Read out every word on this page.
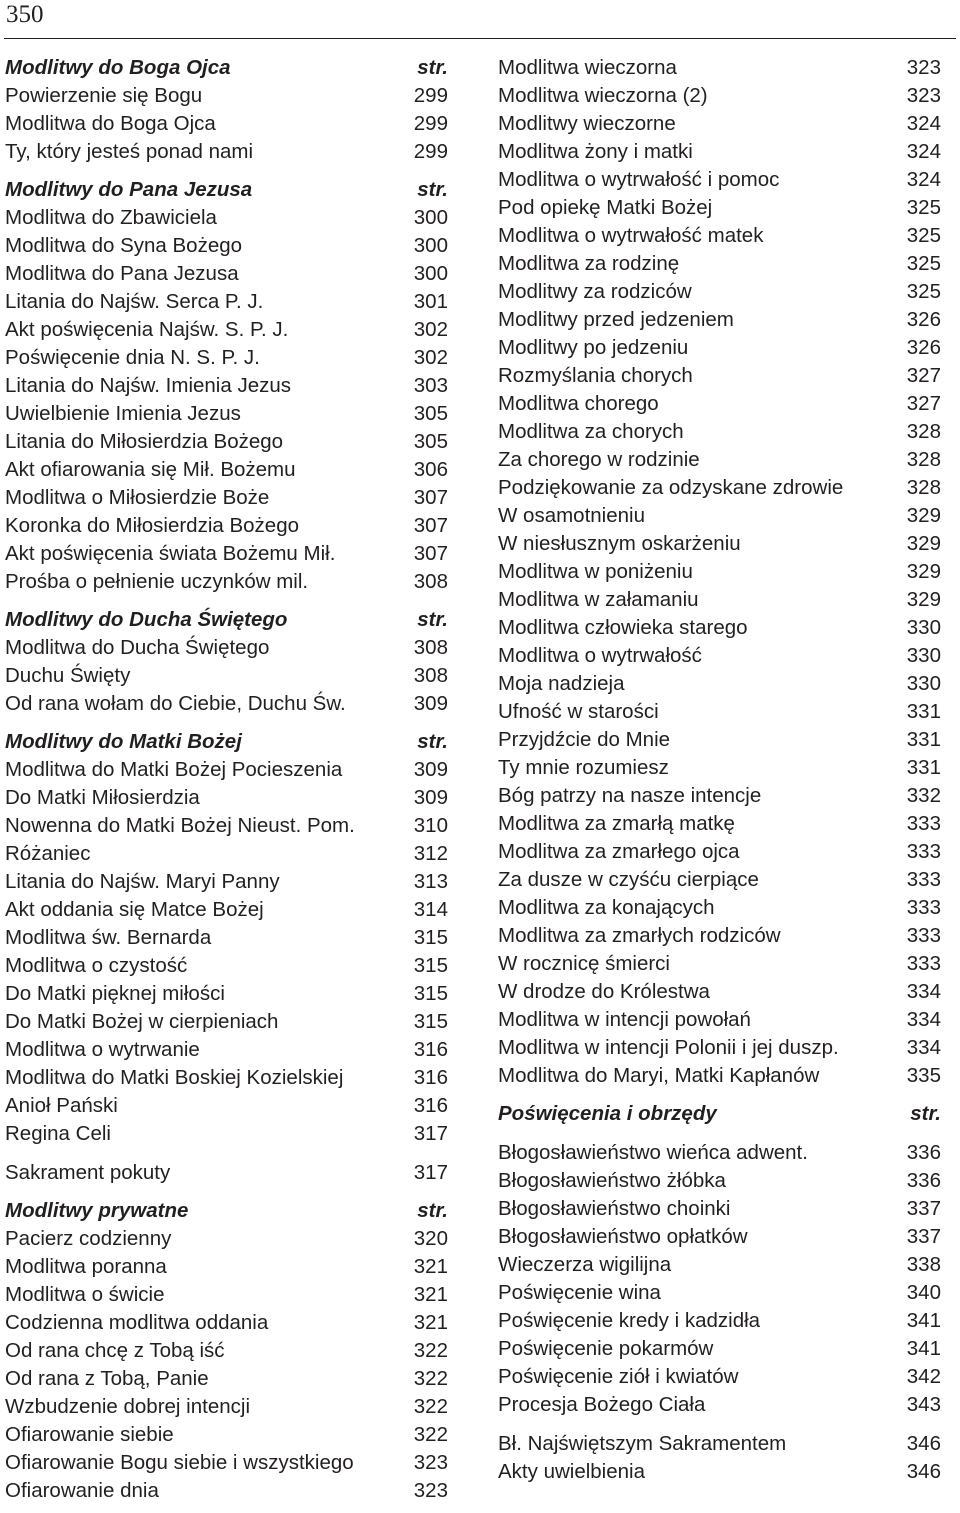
350
Modlitwy do Boga Ojca	str.
Powierzenie się Bogu	299
Modlitwa do Boga Ojca	299
Ty, który jesteś ponad nami	299
Modlitwy do Pana Jezusa	str.
Modlitwa do Zbawiciela	300
Modlitwa do Syna Bożego	300
Modlitwa do Pana Jezusa	300
Litania do Najśw. Serca P. J.	301
Akt poświęcenia Najśw. S. P. J.	302
Poświęcenie dnia N. S. P. J.	302
Litania do Najśw. Imienia Jezus	303
Uwielbienie Imienia Jezus	305
Litania do Miłosierdzia Bożego	305
Akt ofiarowania się Mił. Bożemu	306
Modlitwa o Miłosierdzie Boże	307
Koronka do Miłosierdzia Bożego	307
Akt poświęcenia świata Bożemu Mił.	307
Prośba o pełnienie uczynków mil.	308
Modlitwy do Ducha Świętego	str.
Modlitwa do Ducha Świętego	308
Duchu Święty	308
Od rana wołam do Ciebie, Duchu Św.	309
Modlitwy do Matki Bożej	str.
Modlitwa do Matki Bożej Pocieszenia	309
Do Matki Miłosierdzia	309
Nowenna do Matki Bożej Nieust. Pom.	310
Różaniec	312
Litania do Najśw. Maryi Panny	313
Akt oddania się Matce Bożej	314
Modlitwa św. Bernarda	315
Modlitwa o czystość	315
Do Matki pięknej miłości	315
Do Matki Bożej w cierpieniach	315
Modlitwa o wytrwanie	316
Modlitwa do Matki Boskiej Kozielskiej	316
Anioł Pański	316
Regina Celi	317
Sakrament pokuty	317
Modlitwy prywatne	str.
Pacierz codzienny	320
Modlitwa poranna	321
Modlitwa o świcie	321
Codzienna modlitwa oddania	321
Od rana chcę z Tobą iść	322
Od rana z Tobą, Panie	322
Wzbudzenie dobrej intencji	322
Ofiarowanie siebie	322
Ofiarowanie Bogu siebie i wszystkiego	323
Ofiarowanie dnia	323
Modlitwa wieczorna	323
Modlitwa wieczorna (2)	323
Modlitwy wieczorne	324
Modlitwa żony i matki	324
Modlitwa o wytrwałość i pomoc	324
Pod opiekę Matki Bożej	325
Modlitwa o wytrwałość matek	325
Modlitwa za rodzinę	325
Modlitwy za rodziców	325
Modlitwy przed jedzeniem	326
Modlitwy po jedzeniu	326
Rozmyślania chorych	327
Modlitwa chorego	327
Modlitwa za chorych	328
Za chorego w rodzinie	328
Podziękowanie za odzyskane zdrowie	328
W osamotnieniu	329
W niesłusznym oskarżeniu	329
Modlitwa w poniżeniu	329
Modlitwa w załamaniu	329
Modlitwa człowieka starego	330
Modlitwa o wytrwałość	330
Moja nadzieja	330
Ufność w starości	331
Przyjdźcie do Mnie	331
Ty mnie rozumiesz	331
Bóg patrzy na nasze intencje	332
Modlitwa za zmarłą matkę	333
Modlitwa za zmarłego ojca	333
Za dusze w czyśću cierpiące	333
Modlitwa za konających	333
Modlitwa za zmarłych rodziców	333
W rocznicę śmierci	333
W drodze do Królestwa	334
Modlitwa w intencji powołań	334
Modlitwa w intencji Polonii i jej duszp.	334
Modlitwa do Maryi, Matki Kapłanów	335
Poświęcenia i obrzędy	str.
Błogosławieństwo wieńca adwent.	336
Błogosławieństwo żłóbka	336
Błogosławieństwo choinki	337
Błogosławieństwo opłatków	337
Wieczerza wigilijna	338
Poświęcenie wina	340
Poświęcenie kredy i kadzidła	341
Poświęcenie pokarmów	341
Poświęcenie ziół i kwiatów	342
Procesja Bożego Ciała	343
Bł. Najświętszym Sakramentem	346
Akty uwielbienia	346
